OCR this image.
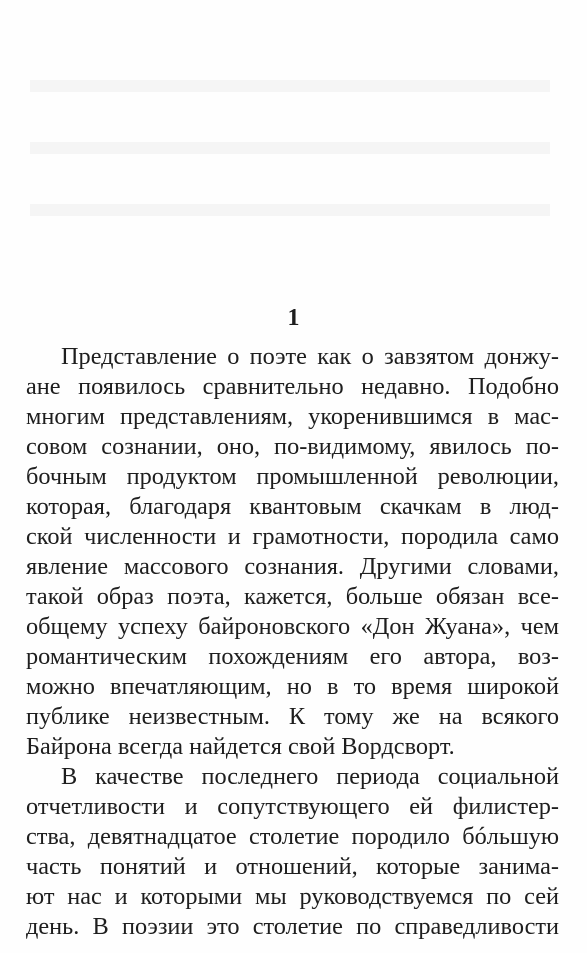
1
Представление о поэте как о завзятом донжу-
ане появилось сравнительно недавно. Подобно
многим представлениям, укоренившимся в мас-
совом сознании, оно, по-видимому, явилось по-
бочным продуктом промышленной революции,
которая, благодаря квантовым скачкам в люд-
ской численности и грамотности, породила само
явление массового сознания. Другими словами,
такой образ поэта, кажется, больше обязан все-
общему успеху байроновского «Дон Жуана», чем
романтическим похождениям его автора, воз-
можно впечатляющим, но в то время широкой
публике неизвестным. К тому же на всякого
Байрона всегда найдется свой Вордсворт.
В качестве последнего периода социальной
отчетливости и сопутствующего ей филистер-
ства, девятнадцатое столетие породило бóльшую
часть понятий и отношений, которые занима-
ют нас и которыми мы руководствуемся по сей
день. В поэзии это столетие по справедливости
